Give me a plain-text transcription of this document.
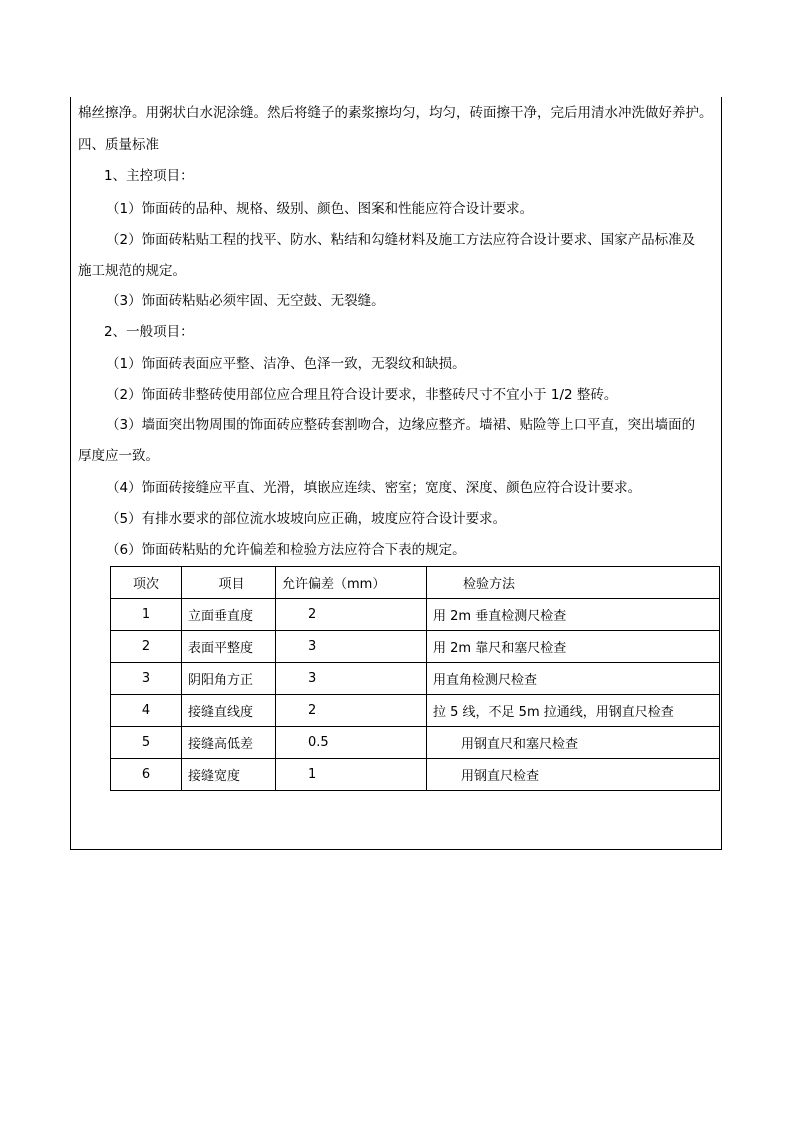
棉丝擦净。用粥状白水泥涂缝。然后将缝子的素浆擦均匀，均匀，砖面擦干净，完后用清水冲洗做好养护。
四、质量标准
1、主控项目：
（1）饰面砖的品种、规格、级别、颜色、图案和性能应符合设计要求。
（2）饰面砖粘贴工程的找平、防水、粘结和勾缝材料及施工方法应符合设计要求、国家产品标准及
施工规范的规定。
（3）饰面砖粘贴必须牢固、无空鼓、无裂缝。
2、一般项目：
（1）饰面砖表面应平整、洁净、色泽一致，无裂纹和缺损。
（2）饰面砖非整砖使用部位应合理且符合设计要求，非整砖尺寸不宜小于 1/2 整砖。
（3）墙面突出物周围的饰面砖应整砖套割吻合，边缘应整齐。墙裙、贴险等上口平直，突出墙面的
厚度应一致。
（4）饰面砖接缝应平直、光滑，填嵌应连续、密室；宽度、深度、颜色应符合设计要求。
（5）有排水要求的部位流水坡坡向应正确，坡度应符合设计要求。
（6）饰面砖粘贴的允许偏差和检验方法应符合下表的规定。
项次	项目	允许偏差（mm）	检验方法
1	立面垂直度	2	用 2m 垂直检测尺检查
2	表面平整度	3	用 2m 靠尺和塞尺检查
3	阴阳角方正	3	用直角检测尺检查
4	接缝直线度	2	拉 5 线，不足 5m 拉通线，用钢直尺检查
5	接缝高低差	0.5	用钢直尺和塞尺检查
6	接缝宽度	1	用钢直尺检查
